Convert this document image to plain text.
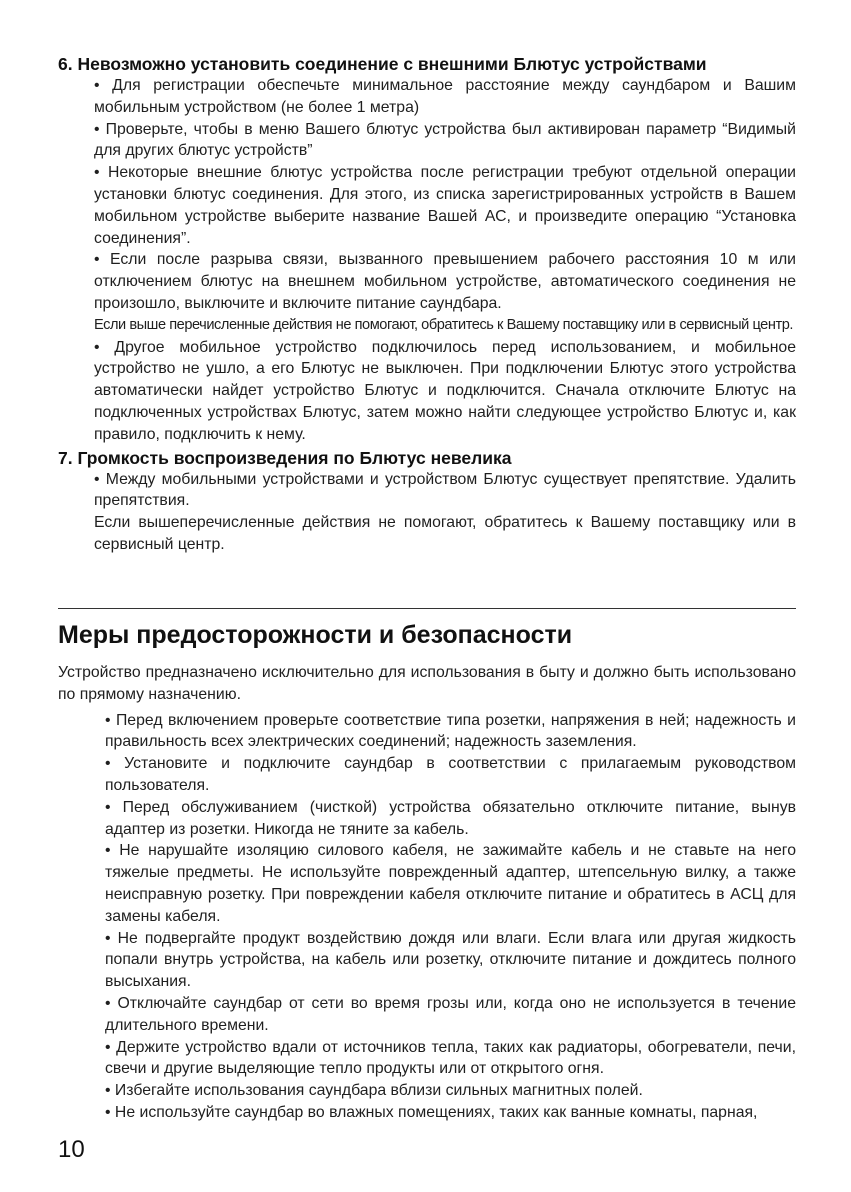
6. Невозможно установить соединение с внешними Блютус устройствами

• Для регистрации обеспечьте минимальное расстояние между саундбаром и Вашим мобильным устройством (не более 1 метра)

• Проверьте, чтобы в меню Вашего блютус устройства был активирован параметр “Видимый для других блютус устройств”

• Некоторые внешние блютус устройства после регистрации требуют отдельной операции установки блютус соединения. Для этого, из списка зарегистрированных устройств в Вашем мобильном устройстве выберите название Вашей АС, и произведите операцию “Установка соединения”.

• Если после разрыва связи, вызванного превышением рабочего расстояния 10 м или отключением блютус на внешнем мобильном устройстве, автоматического соединения не произошло, выключите и включите питание саундбара.

Если выше перечисленные действия не помогают, обратитесь к Вашему поставщику или в сервисный центр.

• Другое мобильное устройство подключилось перед использованием, и мобильное устройство не ушло, а его Блютус не выключен. При подключении Блютус этого устройства автоматически найдет устройство Блютус и подключится. Сначала отключите Блютус на подключенных устройствах Блютус, затем можно найти следующее устройство Блютус и, как правило, подключить к нему.

7. Громкость воспроизведения по Блютус невелика

• Между мобильными устройствами и устройством Блютус существует препятствие. Удалить препятствия.

Если вышеперечисленные действия не помогают, обратитесь к Вашему поставщику или в сервисный центр.

Меры предосторожности и безопасности

Устройство предназначено исключительно для использования в быту и должно быть использовано по прямому назначению.

• Перед включением проверьте соответствие типа розетки, напряжения в ней; надежность и правильность всех электрических соединений; надежность заземления.

• Установите и подключите саундбар в соответствии с прилагаемым руководством пользователя.

• Перед обслуживанием (чисткой) устройства обязательно отключите питание, вынув адаптер из розетки. Никогда не тяните за кабель.

• Не нарушайте изоляцию силового кабеля, не зажимайте кабель и не ставьте на него тяжелые предметы. Не используйте поврежденный адаптер, штепсельную вилку, а также неисправную розетку. При повреждении кабеля отключите питание и обратитесь в АСЦ для замены кабеля.

• Не подвергайте продукт воздействию дождя или влаги. Если влага или другая жидкость попали внутрь устройства, на кабель или розетку, отключите питание и дождитесь полного высыхания.

• Отключайте саундбар от сети во время грозы или, когда оно не используется в течение длительного времени.

• Держите устройство вдали от источников тепла, таких как радиаторы, обогреватели, печи, свечи и другие выделяющие тепло продукты или от открытого огня.

• Избегайте использования саундбара вблизи сильных магнитных полей.

• Не используйте саундбар во влажных помещениях, таких как ванные комнаты, парная,

10
